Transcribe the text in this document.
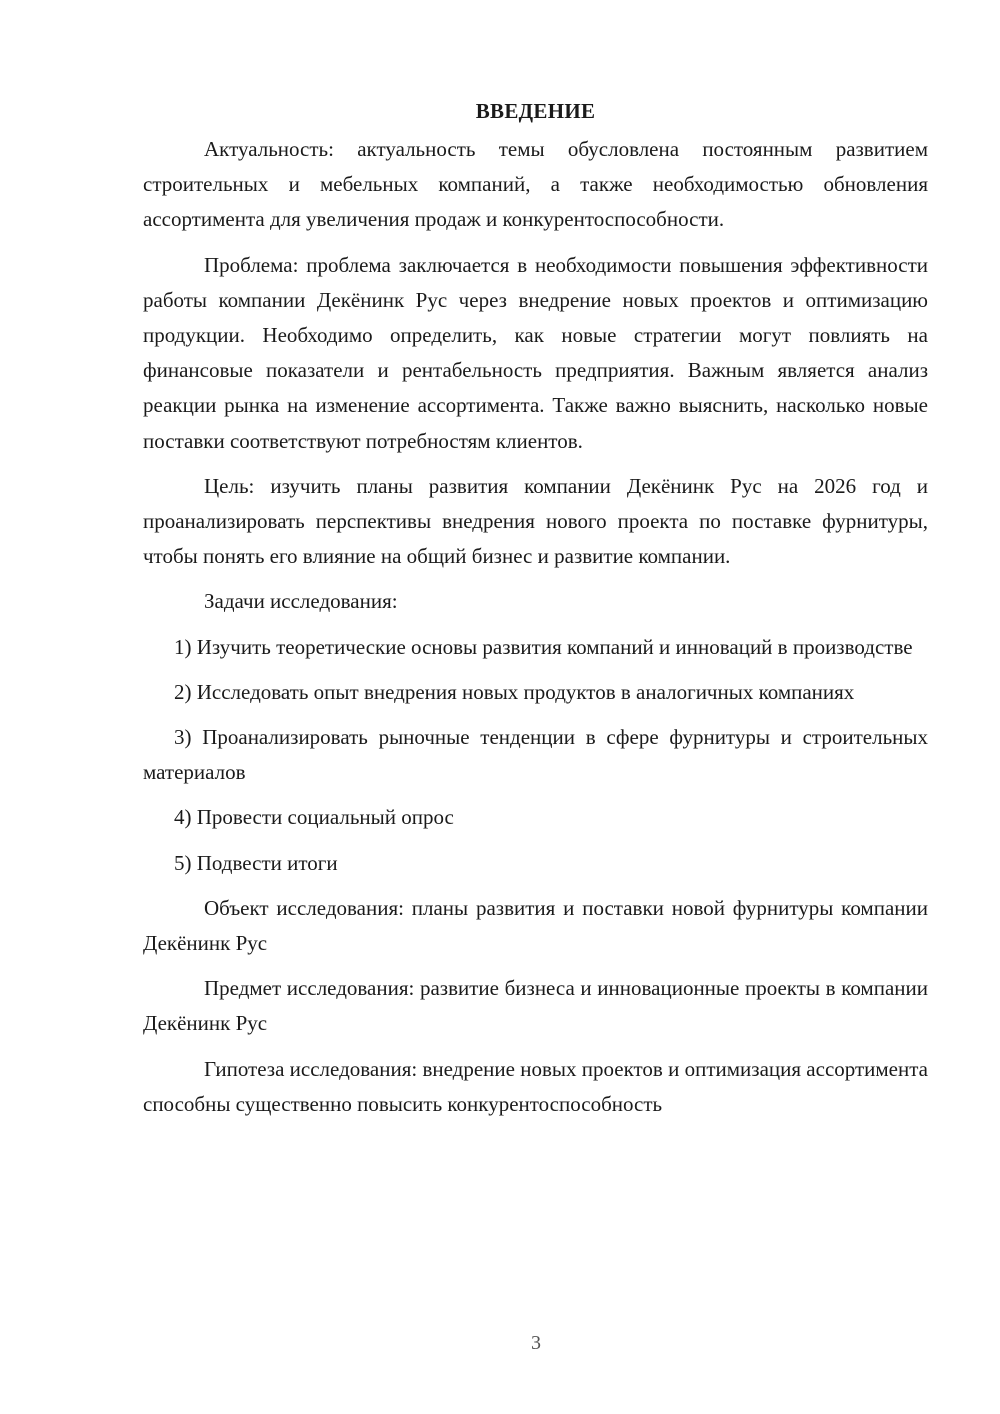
ВВЕДЕНИЕ

Актуальность: актуальность темы обусловлена постоянным развитием строительных и мебельных компаний, а также необходимостью обновления ассортимента для увеличения продаж и конкурентоспособности.

Проблема: проблема заключается в необходимости повышения эффективности работы компании Декёнинк Рус через внедрение новых проектов и оптимизацию продукции. Необходимо определить, как новые стратегии могут повлиять на финансовые показатели и рентабельность предприятия. Важным является анализ реакции рынка на изменение ассортимента. Также важно выяснить, насколько новые поставки соответствуют потребностям клиентов.

Цель: изучить планы развития компании Декёнинк Рус на 2026 год и проанализировать перспективы внедрения нового проекта по поставке фурнитуры, чтобы понять его влияние на общий бизнес и развитие компании.

Задачи исследования:

1) Изучить теоретические основы развития компаний и инноваций в производстве

2) Исследовать опыт внедрения новых продуктов в аналогичных компаниях

3) Проанализировать рыночные тенденции в сфере фурнитуры и строительных материалов

4) Провести социальный опрос

5) Подвести итоги

Объект исследования: планы развития и поставки новой фурнитуры компании Декёнинк Рус

Предмет исследования: развитие бизнеса и инновационные проекты в компании Декёнинк Рус

Гипотеза исследования: внедрение новых проектов и оптимизация ассортимента способны существенно повысить конкурентоспособность

3
